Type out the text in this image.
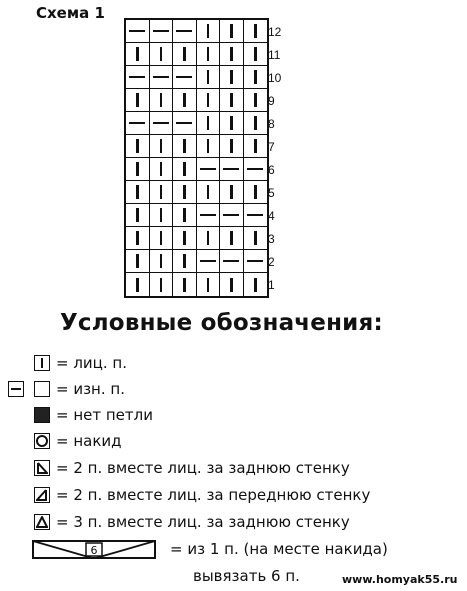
Схема 1
12
11
10
9
8
7
6
5
4
3
2
1
Условные обозначения:
= лиц. п.
= изн. п.
= нет петли
= накид
= 2 п. вместе лиц. за заднюю стенку
= 2 п. вместе лиц. за переднюю стенку
= 3 п. вместе лиц. за заднюю стенку
6	= из 1 п. (на месте накида)
вывязать 6 п.	www.homyak55.ru
